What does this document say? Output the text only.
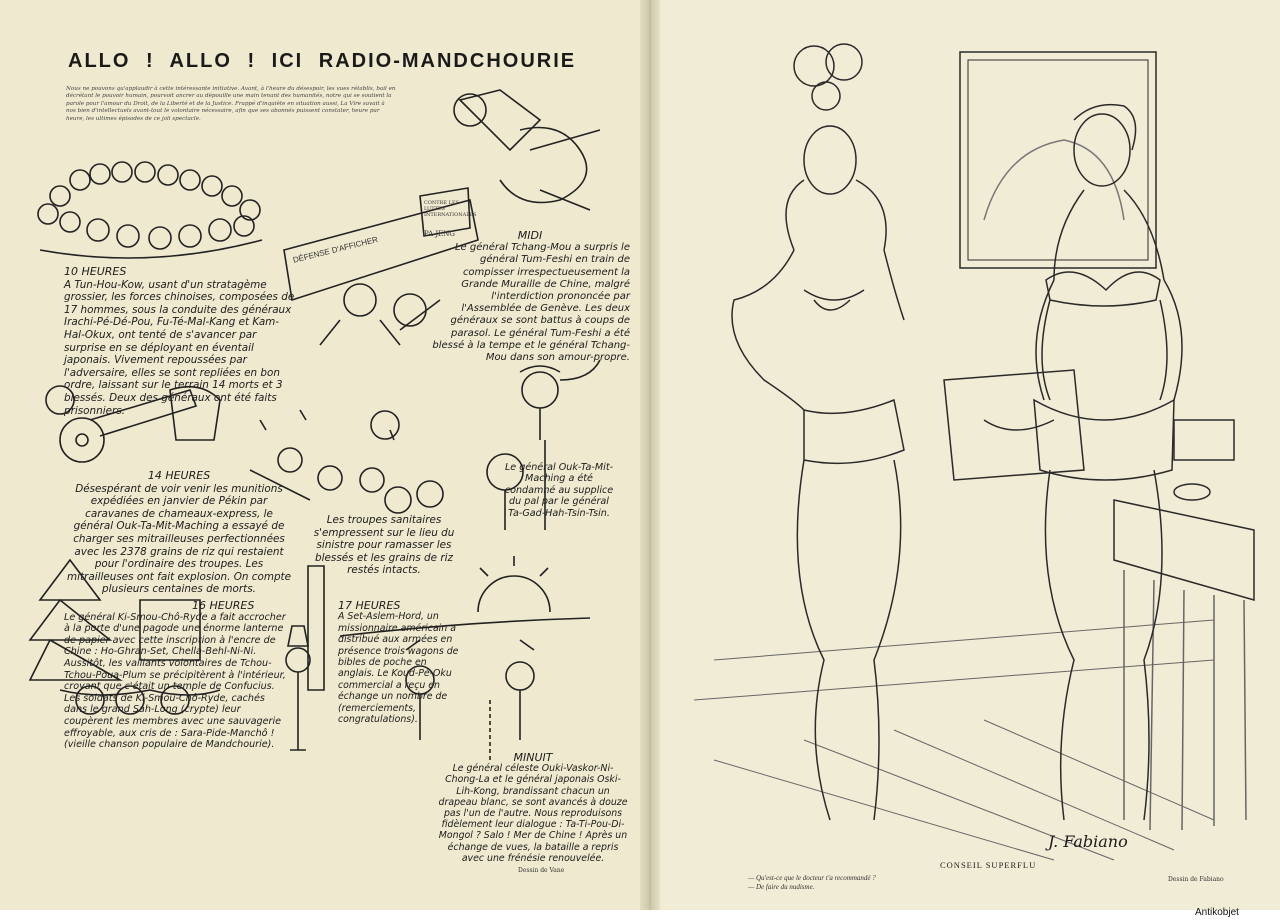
ALLO ! ALLO ! ICI RADIO-MANDCHOURIE
Nous ne pouvons qu'applaudir à cette intéressante initiative. Avant, à l'heure du désespoir, les vues rétablis, bail en décrétant le pouvoir humain, pourvoit ancrer au dépouille une main tenant des humanités, notre qui se soutient la parole pour l'amour du Droit, de la Liberté et de la Justice. Frappé d'inquiète en situation aussi, La Vire savait à nos bien d'intellectuels avant-tout le volontaire nécessaire, afin que ses abonnés puissent constater, heure par heure, les ultimes épisodes de ce joli spectacle.
10 HEURES
A Tun-Hou-Kow, usant d'un stratagème grossier, les forces chinoises, composées de 17 hommes, sous la conduite des généraux Irachi-Pé-Dé-Pou, Fu-Té-Mal-Kang et Kam-Hal-Okux, ont tenté de s'avancer par surprise en se déployant en éventail japonais. Vivement repoussées par l'adversaire, elles se sont repliées en bon ordre, laissant sur le terrain 14 morts et 3 blessés. Deux des généraux ont été faits prisonniers.
MIDI
Le général Tchang-Mou a surpris le général Tum-Feshi en train de compisser irrespectueusement la Grande Muraille de Chine, malgré l'interdiction prononcée par l'Assemblée de Genève. Les deux généraux se sont battus à coups de parasol. Le général Tum-Feshi a été blessé à la tempe et le général Tchang-Mou dans son amour-propre.
14 HEURES
Désespérant de voir venir les munitions expédiées en janvier de Pékin par caravanes de chameaux-express, le général Ouk-Ta-Mit-Maching a essayé de charger ses mitrailleuses perfectionnées avec les 2378 grains de riz qui restaient pour l'ordinaire des troupes. Les mitrailleuses ont fait explosion. On compte plusieurs centaines de morts.
Les troupes sanitaires s'empressent sur le lieu du sinistre pour ramasser les blessés et les grains de riz restés intacts.
Le général Ouk-Ta-Mit-Maching a été condamné au supplice du pal par le général Ta-Gad-Hah-Tsin-Tsin.
16 HEURES
Le général Ki-Smou-Chô-Ryde a fait accrocher à la porte d'une pagode une énorme lanterne de papier avec cette inscription à l'encre de Chine : Ho-Ghran-Set, Chella-Behl-Ni-Ni. Aussitôt, les vaillants volontaires de Tchou-Tchou-Poua-Plum se précipitèrent à l'intérieur, croyant que c'était un temple de Confucius. Les soldats de Ki-Smou-Chô-Ryde, cachés dans le grand Sah-Long (crypte) leur coupèrent les membres avec une sauvagerie effroyable, aux cris de : Sara-Pide-Manchô ! (vieille chanson populaire de Mandchourie).
17 HEURES
A Set-Aslem-Hord, un missionnaire américain a distribué aux armées en présence trois wagons de bibles de poche en anglais. Le Koud-Pé-Oku commercial a reçu en échange un nombre de (remerciements, congratulations).
MINUIT
Le général céleste Ouki-Vaskor-Ni-Chong-La et le général japonais Oski-Lih-Kong, brandissant chacun un drapeau blanc, se sont avancés à douze pas l'un de l'autre. Nous reproduisons fidèlement leur dialogue : Ta-Ti-Pou-Di-Mongol ? Salo ! Mer de Chine ! Après un échange de vues, la bataille a repris avec une frénésie renouvelée.
Dessin de Vane
J. Fabiano
CONSEIL SUPERFLU
— Qu'est-ce que le docteur t'a recommandé ?
— De faire du nudisme.
Dessin de Fabiano
DÉFENSE D'AFFICHER
CONTRE LES LUTTES INTERNATIONALES
PA JENG
Antikobjet
